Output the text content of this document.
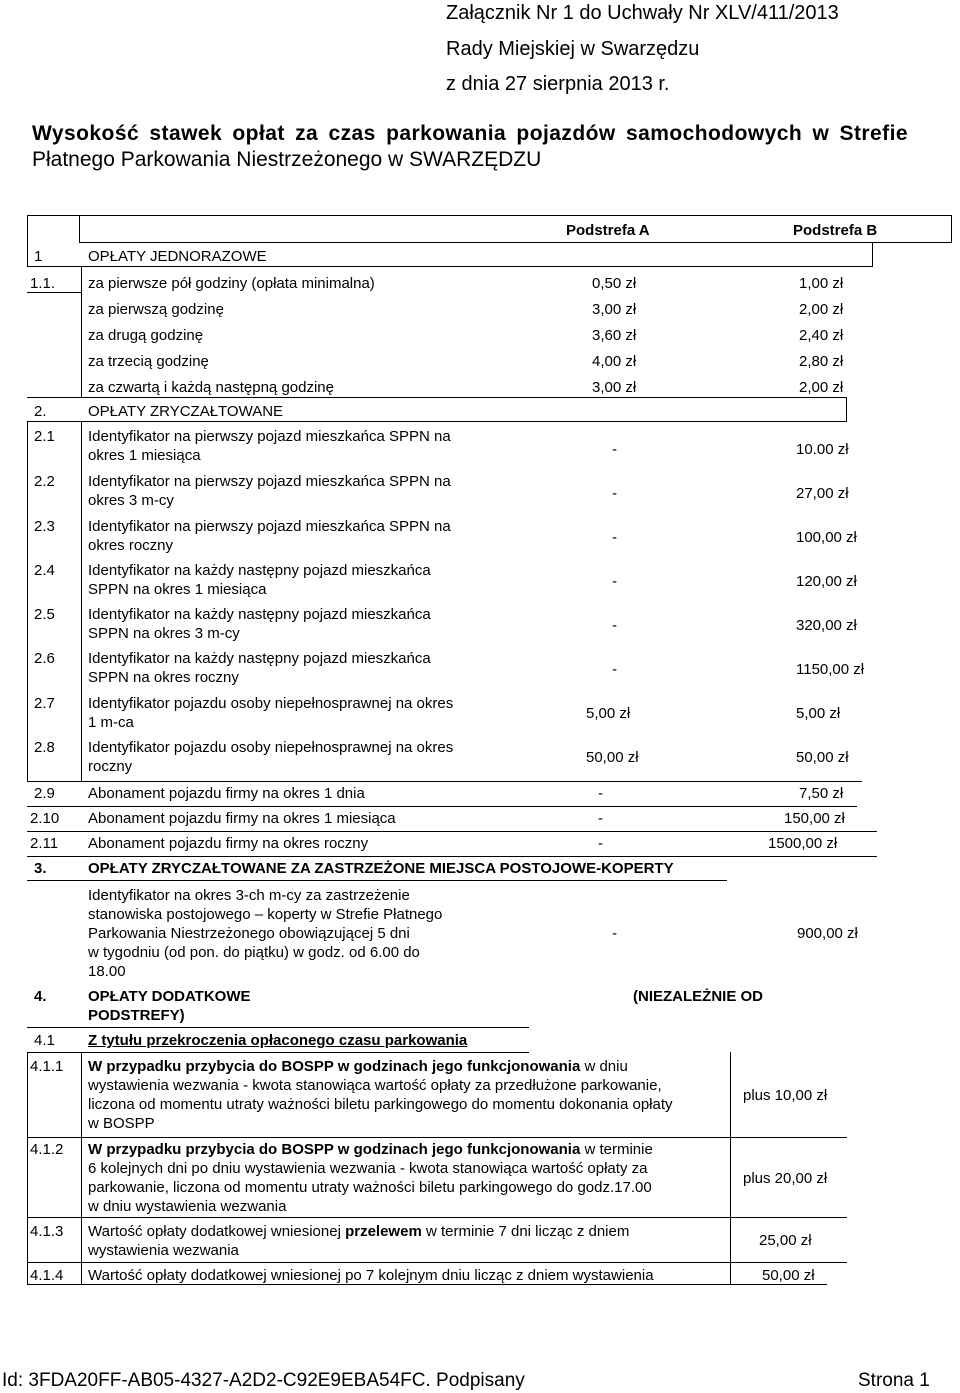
Załącznik Nr 1 do Uchwały Nr XLV/411/2013
Rady Miejskiej w Swarzędzu
z dnia 27 sierpnia 2013 r.
Wysokość stawek opłat za czas parkowania pojazdów samochodowych w Strefie
Płatnego Parkowania Niestrzeżonego w SWARZĘDZU
Podstrefa A	Podstrefa B
1	OPŁATY JEDNORAZOWE
1.1. za pierwsze pół godziny (opłata minimalna)	0,50 zł	1,00 zł
za pierwszą godzinę	3,00 zł	2,00 zł
za drugą godzinę	3,60 zł	2,40 zł
za trzecią godzinę	4,00 zł	2,80 zł
za czwartą i każdą następną godzinę	3,00 zł	2,00 zł
2.	OPŁATY ZRYCZAŁTOWANE
2.1 Identyfikator na pierwszy pojazd mieszkańca SPPN na
okres 1 miesiąca	-	10.00 zł
2.2 Identyfikator na pierwszy pojazd mieszkańca SPPN na
okres 3 m-cy	-	27,00 zł
2.3 Identyfikator na pierwszy pojazd mieszkańca SPPN na
okres roczny	-	100,00 zł
2.4 Identyfikator na każdy następny pojazd mieszkańca
SPPN na okres 1 miesiąca	-	120,00 zł
2.5 Identyfikator na każdy następny pojazd mieszkańca
SPPN na okres 3 m-cy	-	320,00 zł
2.6 Identyfikator na każdy następny pojazd mieszkańca
SPPN na okres roczny	-	1150,00 zł
2.7 Identyfikator pojazdu osoby niepełnosprawnej na okres
1 m-ca
5,00 zł	5,00 zł
2.8 Identyfikator pojazdu osoby niepełnosprawnej na okres
roczny
50,00 zł	50,00 zł
2.9 Abonament pojazdu firmy na okres 1 dnia	-	7,50 zł
2.10 Abonament pojazdu firmy na okres 1 miesiąca	-	150,00 zł
2.11 Abonament pojazdu firmy na okres roczny	-	1500,00 zł
3.	OPŁATY ZRYCZAŁTOWANE ZA ZASTRZEŻONE MIEJSCA POSTOJOWE-KOPERTY
Identyfikator na okres 3-ch m-cy za zastrzeżenie
stanowiska postojowego – koperty w Strefie Płatnego
Parkowania Niestrzeżonego obowiązującej 5 dni
w tygodniu (od pon. do piątku) w godz. od 6.00 do
18.00
-	900,00 zł
4.	OPŁATY DODATKOWE	(NIEZALEŻNIE OD
PODSTREFY)
4.1 Z tytułu przekroczenia opłaconego czasu parkowania
4.1.1 W przypadku przybycia do BOSPP w godzinach jego funkcjonowania w dniu
wystawienia wezwania - kwota stanowiąca wartość opłaty za przedłużone parkowanie,
liczona od momentu utraty ważności biletu parkingowego do momentu dokonania opłaty
w BOSPP
plus 10,00 zł
4.1.2 W przypadku przybycia do BOSPP w godzinach jego funkcjonowania w terminie
6 kolejnych dni po dniu wystawienia wezwania - kwota stanowiąca wartość opłaty za
parkowanie, liczona od momentu utraty ważności biletu parkingowego do godz.17.00
w dniu wystawienia wezwania
plus 20,00 zł
4.1.3 Wartość opłaty dodatkowej wniesionej przelewem w terminie 7 dni licząc z dniem
wystawienia wezwania
25,00 zł
4.1.4 Wartość opłaty dodatkowej wniesionej po 7 kolejnym dniu licząc z dniem wystawienia	50,00 zł
Id: 3FDA20FF-AB05-4327-A2D2-C92E9EBA54FC. Podpisany	Strona 1
